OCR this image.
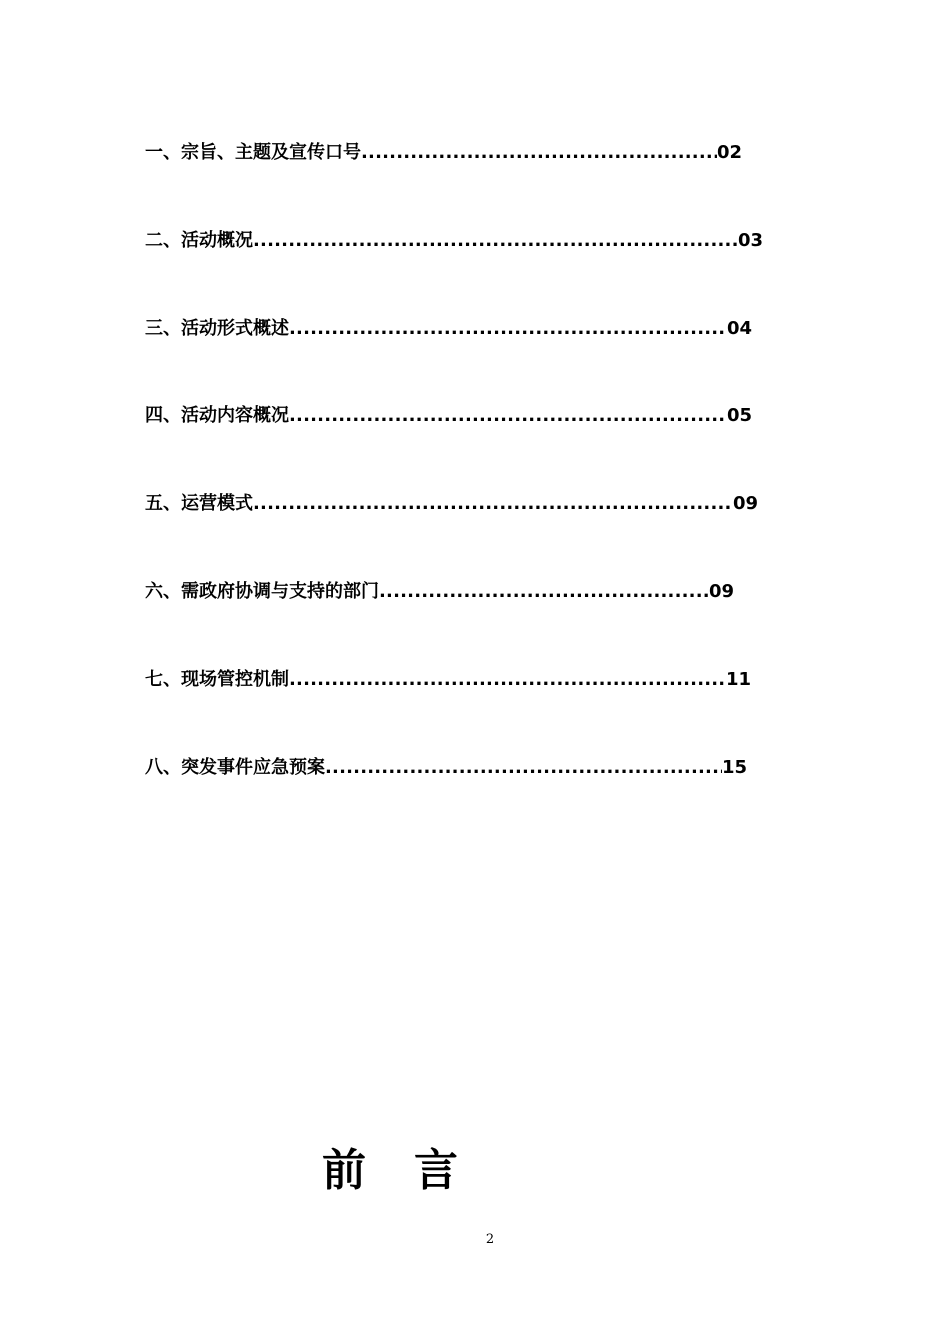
一、宗旨、主题及宣传口号 .....	02
二、活动概况 .....	03
三、活动形式概述 .....	04
四、活动内容概况 .....	05
五、运营模式 .....	09
六、需政府协调与支持的部门 .....	09
七、现场管控机制 .....	11
八、突发事件应急预案 .....	15
前言
2
